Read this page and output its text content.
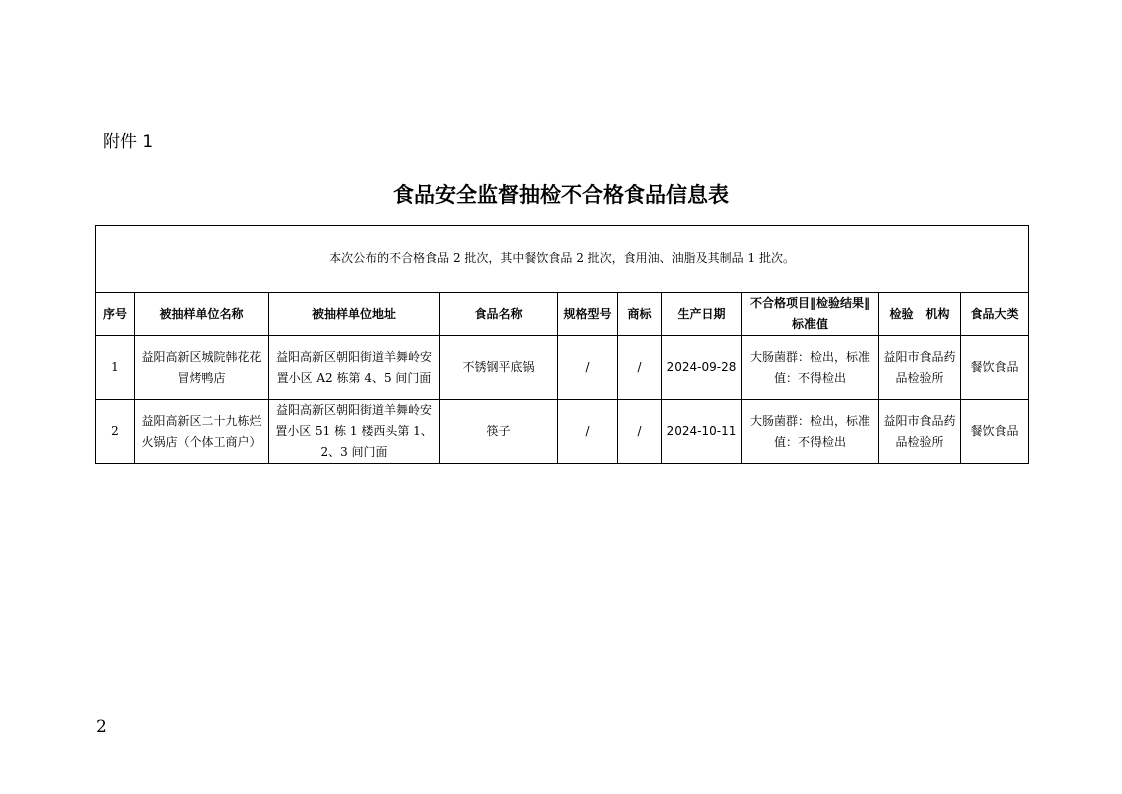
附件 1
食品安全监督抽检不合格食品信息表
本次公布的不合格食品 2 批次，其中餐饮食品 2 批次，食用油、油脂及其制品 1 批次。									
序号	被抽样单位名称	被抽样单位地址	食品名称	规格型号	商标	生产日期	不合格项目‖检验结果‖标准值	检验　机构	食品大类
1	益阳高新区城院韩花花冒烤鸭店	益阳高新区朝阳街道羊舞岭安置小区 A2 栋第 4、5 间门面	不锈钢平底锅	/	/	2024-09-28	大肠菌群：检出，标准值：不得检出	益阳市食品药品检验所	餐饮食品
2	益阳高新区二十九栋烂火锅店（个体工商户）	益阳高新区朝阳街道羊舞岭安置小区 51 栋 1 楼西头第 1、2、3 间门面	筷子	/	/	2024-10-11	大肠菌群：检出，标准值：不得检出	益阳市食品药品检验所	餐饮食品
2
